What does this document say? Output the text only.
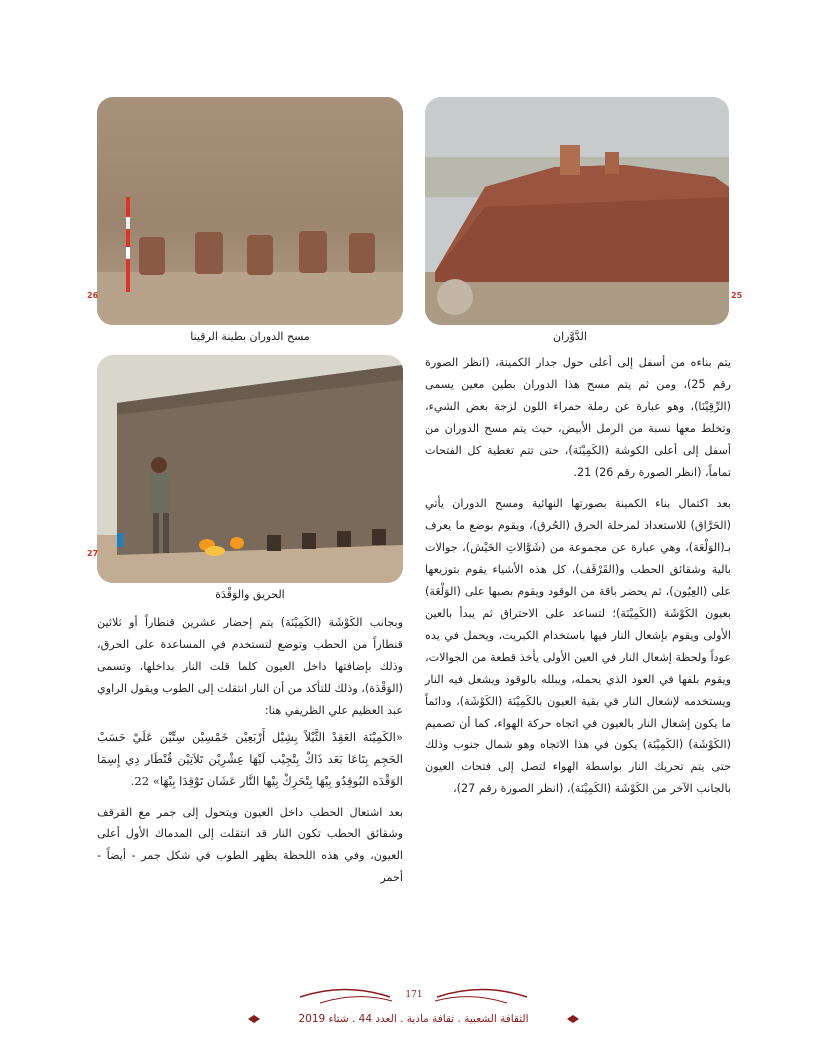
26
مسح الدوران بطينة الرقينا
25
الدَّوَّران
27
الحريق والوَقْدَة

يتم بناءه من أسفل إلى أعلى حول جدار الكمينة، (انظر الصورة رقم 25)، ومن ثم يتم مسح هذا الدوران بطين معين يسمى (الرِّقِيْنَا)، وهو عبارة عن رملة حمراء اللون لزجة بعض الشيء، وتخلط معها نسبة من الرمل الأبيض، حيث يتم مسح الدوران من أسفل إلى أعلى الكوشة (الكَمِيْنَة)، حتى تتم تغطية كل الفتحات تماماً، (انظر الصورة رقم 26) 21.

بعد اكتمال بناء الكمينة بصورتها النهائية ومسح الدوران يأتي (الحَرَّاق) للاستعداد لمرحلة الحرق (الحُرق)، ويقوم بوضع ما يعرف بـ(الوَلْعَة)، وهي عبارة عن مجموعة من (شَوَّالاتِ الخَيْش)، جوالات بالية وشقائق الحطب و(القَرْقَف)، كل هذه الأشياء يقوم بتوزيعها على (العِيُون)، ثم يحضر باقة من الوقود ويقوم بصبها على (الوَلْعَة) بعيون الكَوْشَة (الكَمِيْنَة)؛ لتساعد على الاحتراق ثم يبدأ بالعين الأولى ويقوم بإشعال النار فيها باستخدام الكبريت، ويحمل في يده عوداً ولحظة إشعال النار في العين الأولى يأخذ قطعة من الجوالات، ويقوم بلفها في العود الذي يحمله، ويبلله بالوقود ويشعل فيه النار ويستخدمه لإشعال النار في بقية العيون بالكَمِيْنَة (الكَوْشَة)، ودائماً ما يكون إشعال النار بالعيون في اتجاه حركة الهواء، كما أن تصميم (الكَوْشَة) (الكَمِيْنَة) يكون في هذا الاتجاه وهو شمال جنوب وذلك حتى يتم تحريك النار بواسطة الهواء لتصل إلى فتحات العيون بالجانب الآخر من الكَوْشَة (الكَمِيْنَة)، (انظر الصورة رقم 27)،

وبجانب الكَوْشَة (الكَمِيْنَة) يتم إحضار عشرين قنطاراً أو ثلاثين قنطاراً من الحطب وتوضع لتستخدم في المساعدة على الحرق، وذلك بإضافتها داخل العيون كلما قلت النار بداخلها، وتسمى (الوَقْدَة)، وذلك للتأكد من أن النار انتقلت إلى الطوب ويقول الراوي عبد العظيم علي الظريفي هنا:

«الكَمِيْنَة العَقِدْ الثَّيْلاً بِشِيْل أَرْبَعِيْن خَمْسِيْن سِتِّيْن عَلَيْ حَسَبْ الحَجِم بِتَاعَا بَعَد ذَاكْ بِتْجِيْب لَيْهَا عِشْرِيْن تَلاَتِيْن قُنْطَار دِي إِسِمَا الوَقْدَه البُوقِدُو بِيْهَا بِتْحَرِكْ بِيْها النَّار عَشَان تَوْقِدَا بِيْهَا» 22.

بعد اشتعال الحطب داخل العيون ويتحول إلى جمر مع القرقف وشقائق الحطب تكون النار قد انتقلت إلى المدماك الأول أعلى العيون، وفي هذه اللحظة يظهر الطوب في شكل جمر - أيضاً - أحمر

171
الثقافة الشعبية . ثقافة مادية . العدد 44 . شتاء 2019
